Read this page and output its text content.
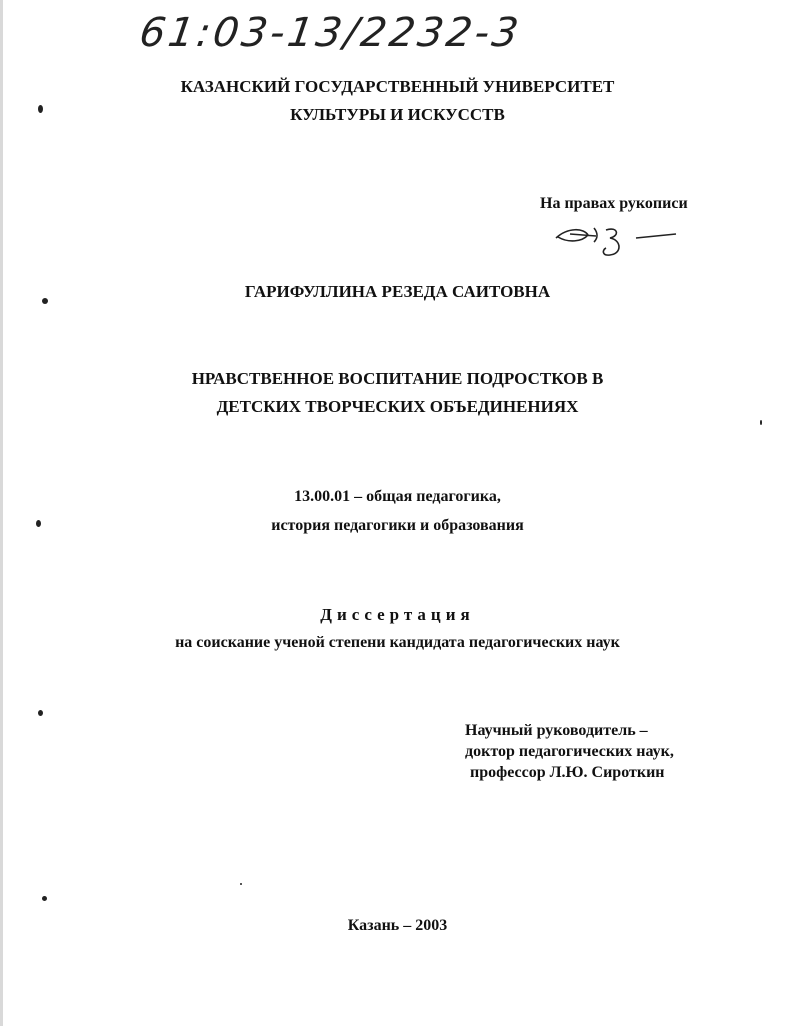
61:03-13/2232-3
КАЗАНСКИЙ ГОСУДАРСТВЕННЫЙ УНИВЕРСИТЕТ
КУЛЬТУРЫ И ИСКУССТВ
На правах рукописи
ГАРИФУЛЛИНА РЕЗЕДА САИТОВНА
НРАВСТВЕННОЕ ВОСПИТАНИЕ ПОДРОСТКОВ В
ДЕТСКИХ ТВОРЧЕСКИХ ОБЪЕДИНЕНИЯХ
13.00.01 – общая педагогика,
история педагогики и образования
Диссертация
на соискание ученой степени кандидата педагогических наук
Научный руководитель –
доктор педагогических наук,
профессор Л.Ю. Сироткин
Казань – 2003
